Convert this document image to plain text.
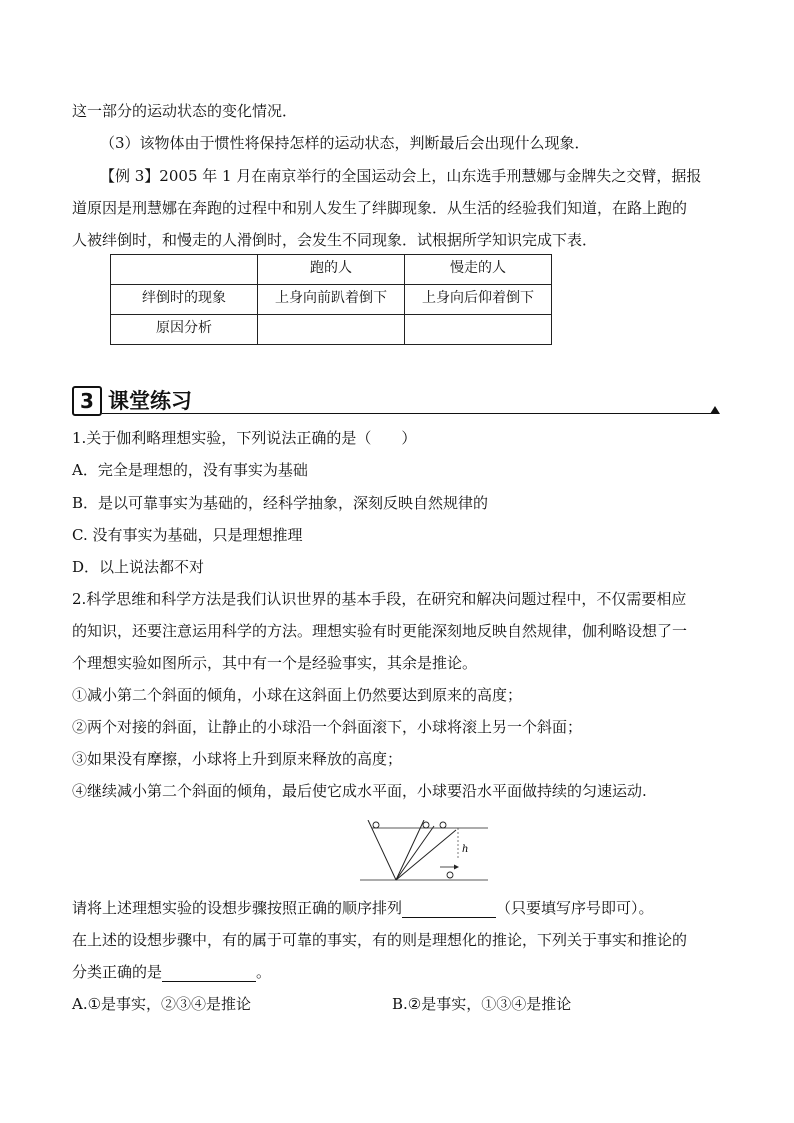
这一部分的运动状态的变化情况．
（3）该物体由于惯性将保持怎样的运动状态，判断最后会出现什么现象．
【例 3】2005 年 1 月在南京举行的全国运动会上，山东选手刑慧娜与金牌失之交臂，据报
道原因是刑慧娜在奔跑的过程中和别人发生了绊脚现象．从生活的经验我们知道，在路上跑的
人被绊倒时，和慢走的人滑倒时，会发生不同现象．试根据所学知识完成下表．
	跑的人	慢走的人
绊倒时的现象	上身向前趴着倒下	上身向后仰着倒下
原因分析		
3 课堂练习
1.关于伽利略理想实验，下列说法正确的是（　　）
A．完全是理想的，没有事实为基础
B．是以可靠事实为基础的，经科学抽象，深刻反映自然规律的
C. 没有事实为基础，只是理想推理
D．以上说法都不对
2.科学思维和科学方法是我们认识世界的基本手段，在研究和解决问题过程中，不仅需要相应
的知识，还要注意运用科学的方法。理想实验有时更能深刻地反映自然规律，伽利略设想了一
个理想实验如图所示，其中有一个是经验事实，其余是推论。
①减小第二个斜面的倾角，小球在这斜面上仍然要达到原来的高度；
②两个对接的斜面，让静止的小球沿一个斜面滚下，小球将滚上另一个斜面；
③如果没有摩擦，小球将上升到原来释放的高度；
④继续减小第二个斜面的倾角，最后使它成水平面，小球要沿水平面做持续的匀速运动.
h
请将上述理想实验的设想步骤按照正确的顺序排列	（只要填写序号即可）。
在上述的设想步骤中，有的属于可靠的事实，有的则是理想化的推论，下列关于事实和推论的
分类正确的是	。
A.①是事实，②③④是推论	B.②是事实，①③④是推论
